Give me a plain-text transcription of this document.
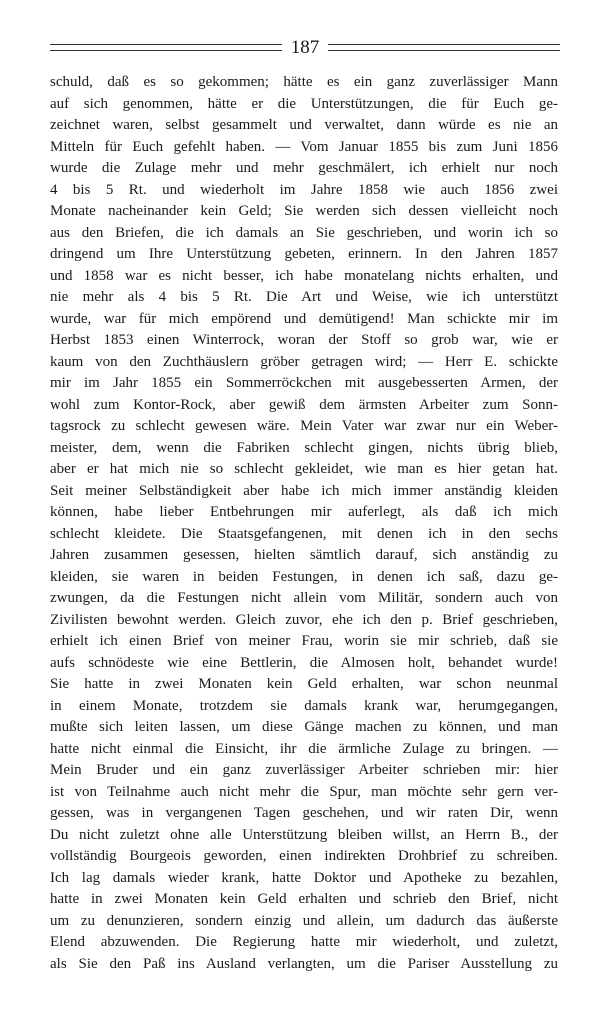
187
schuld, daß es so gekommen; hätte es ein ganz zuverlässiger Mann
auf sich genommen, hätte er die Unterstützungen, die für Euch ge-
zeichnet waren, selbst gesammelt und verwaltet, dann würde es nie an
Mitteln für Euch gefehlt haben. — Vom Januar 1855 bis zum Juni 1856
wurde die Zulage mehr und mehr geschmälert, ich erhielt nur noch
4 bis 5 Rt. und wiederholt im Jahre 1858 wie auch 1856 zwei
Monate nacheinander kein Geld; Sie werden sich dessen vielleicht noch
aus den Briefen, die ich damals an Sie geschrieben, und worin ich so
dringend um Ihre Unterstützung gebeten, erinnern. In den Jahren 1857
und 1858 war es nicht besser, ich habe monatelang nichts erhalten, und
nie mehr als 4 bis 5 Rt. Die Art und Weise, wie ich unterstützt
wurde, war für mich empörend und demütigend! Man schickte mir im
Herbst 1853 einen Winterrock, woran der Stoff so grob war, wie er
kaum von den Zuchthäuslern gröber getragen wird; — Herr E. schickte
mir im Jahr 1855 ein Sommerröckchen mit ausgebesserten Armen, der
wohl zum Kontor-Rock, aber gewiß dem ärmsten Arbeiter zum Sonn-
tagsrock zu schlecht gewesen wäre. Mein Vater war zwar nur ein Weber-
meister, dem, wenn die Fabriken schlecht gingen, nichts übrig blieb,
aber er hat mich nie so schlecht gekleidet, wie man es hier getan hat.
Seit meiner Selbständigkeit aber habe ich mich immer anständig kleiden
können, habe lieber Entbehrungen mir auferlegt, als daß ich mich
schlecht kleidete. Die Staatsgefangenen, mit denen ich in den sechs
Jahren zusammen gesessen, hielten sämtlich darauf, sich anständig zu
kleiden, sie waren in beiden Festungen, in denen ich saß, dazu ge-
zwungen, da die Festungen nicht allein vom Militär, sondern auch von
Zivilisten bewohnt werden. Gleich zuvor, ehe ich den p. Brief geschrieben,
erhielt ich einen Brief von meiner Frau, worin sie mir schrieb, daß sie
aufs schnödeste wie eine Bettlerin, die Almosen holt, behandet wurde!
Sie hatte in zwei Monaten kein Geld erhalten, war schon neunmal
in einem Monate, trotzdem sie damals krank war, herumgegangen,
mußte sich leiten lassen, um diese Gänge machen zu können, und man
hatte nicht einmal die Einsicht, ihr die ärmliche Zulage zu bringen. —
Mein Bruder und ein ganz zuverlässiger Arbeiter schrieben mir: hier
ist von Teilnahme auch nicht mehr die Spur, man möchte sehr gern ver-
gessen, was in vergangenen Tagen geschehen, und wir raten Dir, wenn
Du nicht zuletzt ohne alle Unterstützung bleiben willst, an Herrn B., der
vollständig Bourgeois geworden, einen indirekten Drohbrief zu schreiben.
Ich lag damals wieder krank, hatte Doktor und Apotheke zu bezahlen,
hatte in zwei Monaten kein Geld erhalten und schrieb den Brief, nicht
um zu denunzieren, sondern einzig und allein, um dadurch das äußerste
Elend abzuwenden. Die Regierung hatte mir wiederholt, und zuletzt,
als Sie den Paß ins Ausland verlangten, um die Pariser Ausstellung zu
